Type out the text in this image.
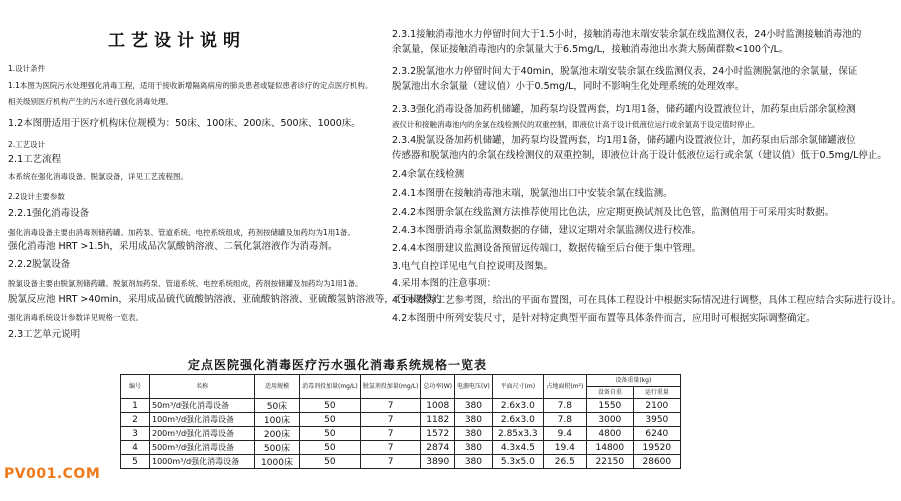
工艺设计说明
1.设计条件
1.1本图为医院污水处理强化消毒工程，适用于接收新增隔离病房的肺炎患者或疑似患者诊疗的定点医疗机构。
相关级别医疗机构产生的污水进行强化消毒处理。
1.2本图册适用于医疗机构床位规模为：50床、100床、200床、500床、1000床。
2.工艺设计
2.1工艺流程
本系统在强化消毒设备、脱氯设备，详见工艺流程图。
2.2设计主要参数
2.2.1强化消毒设备
强化消毒设备主要由消毒剂储药罐、加药泵、管道系统、电控系统组成，药剂按储罐及加药均为1用1备。
强化消毒池 HRT >1.5h，采用成品次氯酸钠溶液、二氧化氯溶液作为消毒剂。
2.2.2脱氯设备
脱氯设备主要由脱氯剂储药罐、脱氯剂加药泵、管道系统、电控系统组成，药剂按储罐及加药均为1用1备。
脱氯反应池 HRT >40min，采用成品硫代硫酸钠溶液、亚硫酸钠溶液、亚硫酸氢钠溶液等，不同规模的
强化消毒系统设计参数详见规格一览表。
2.3工艺单元说明
2.3.1接触消毒池水力停留时间大于1.5小时，接触消毒池末端安装余氯在线监测仪表，24小时监测接触消毒池的
余氯量，保证接触消毒池内的余氯量大于6.5mg/L，接触消毒池出水粪大肠菌群数<100个/L。
2.3.2脱氯池水力停留时间大于40min，脱氯池末端安装余氯在线监测仪表，24小时监测脱氯池的余氯量，保证
脱氯池出水余氯量（建议值）小于0.5mg/L，同时不影响生化处理系统的处理效率。
2.3.3强化消毒设备加药机储罐，加药泵均设置两套，均1用1备，储药罐内设置液位计，加药泵由后部余氯检测
液仪计和接触消毒池内的余氯在线检测仪的双重控制，即液位计高于设计低液位运行或余氯高于设定值时停止。
2.3.4脱氯设备加药机储罐，加药泵均设置两套，均1用1备，储药罐内设置液位计，加药泵由后部余氯储罐液位
传感器和脱氯池内的余氯在线检测仪的双重控制，即液位计高于设计低液位运行或余氯（建议值）低于0.5mg/L停止。
2.4余氯在线检测
2.4.1本图册在接触消毒池末端，脱氯池出口中安装余氯在线监测。
2.4.2本图册余氯在线监测方法推荐使用比色法，应定期更换试剂及比色管，监测值用于可采用实时数据。
2.4.3本图册消毒余氯监测数据的存储，建议定期对余氯监测仪进行校准。
2.4.4本图册建议监测设备预留远传端口，数据传输至后台便于集中管理。
3.电气自控详见电气自控说明及图集。
4.采用本图的注意事项：
4.1本图为工艺参考图，给出的平面布置图，可在具体工程设计中根据实际情况进行调整，具体工程应结合实际进行设计。
4.2本图册中所列安装尺寸，是针对特定典型平面布置等具体条件而言，应用时可根据实际调整确定。
定点医院强化消毒医疗污水强化消毒系统规格一览表
编号	名称	适用规模	消毒剂投加量(mg/L)	脱氯剂投加量(mg/L)	总功率(W)	电源电压(V)	平面尺寸(m)	占地面积(m²)	设备重量(kg)	
									设备自重	运行重量
1	50m³/d强化消毒设备	50床	50	7	1008	380	2.6x3.0	7.8	1550	2100
2	100m³/d强化消毒设备	100床	50	7	1182	380	2.6x3.0	7.8	3000	3950
3	200m³/d强化消毒设备	200床	50	7	1572	380	2.85x3.3	9.4	4800	6240
4	500m³/d强化消毒设备	500床	50	7	2874	380	4.3x4.5	19.4	14800	19520
5	1000m³/d强化消毒设备	1000床	50	7	3890	380	5.3x5.0	26.5	22150	28600
PV001.COM
